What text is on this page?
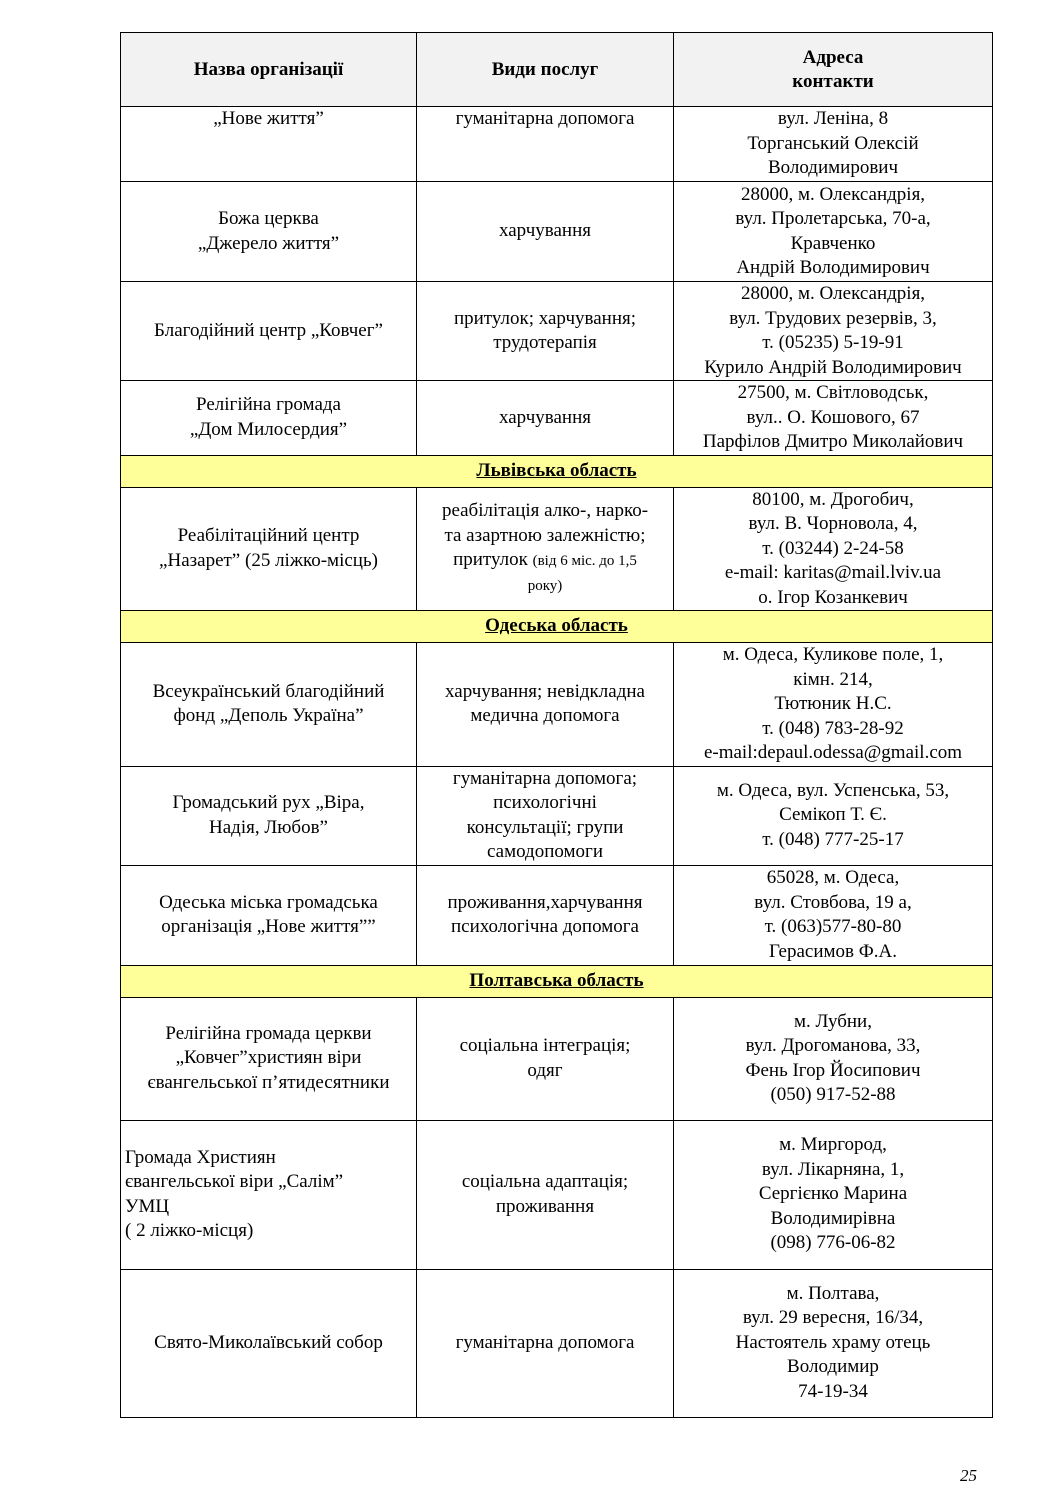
Назва організації	Види послуг	Адреса
контакти

„Нове життя”	гуманітарна допомога	вул. Леніна, 8
Торганський Олексій
Володимирович

Божа церква
„Джерело життя”	харчування	28000, м. Олександрія,
вул. Пролетарська, 70-а,
Кравченко
Андрій Володимирович

Благодійний центр „Ковчег”	притулок; харчування;
трудотерапія	28000, м. Олександрія,
вул. Трудових резервів, 3,
т. (05235) 5-19-91
Курило Андрій Володимирович

Релігійна громада
„Дом Милосердия”	харчування	27500, м. Світловодськ,
вул.. О. Кошового, 67
Парфілов Дмитро Миколайович

Львівська область		

Реабілітаційний центр
„Назарет” (25 ліжко-місць)	реабілітація алко-, нарко-
та азартною залежністю;
притулок (від 6 міс. до 1,5
року)	80100, м. Дрогобич,
вул. В. Чорновола, 4,
т. (03244) 2-24-58
e-mail: karitas@mail.lviv.ua
о. Ігор Козанкевич

Одеська область		

Всеукраїнський благодійний
фонд „Деполь Україна”	харчування; невідкладна
медична допомога	м. Одеса, Куликове поле, 1,
кімн. 214,
Тютюник Н.С.
т. (048) 783-28-92
e-mail:depaul.odessa@gmail.com

Громадський рух „Віра,
Надія, Любов”	гуманітарна допомога;
психологічні
консультації; групи
самодопомоги	м. Одеса, вул. Успенська, 53,
Семікоп Т. Є.
т. (048) 777-25-17

Одеська міська громадська
організація „Нове життя””	проживання,харчування
психологічна допомога	65028, м. Одеса,
вул. Стовбова, 19 а,
т. (063)577-80-80
Герасимов Ф.А.

Полтавська область		

Релігійна громада церкви
„Ковчег”християн віри
євангельської п’ятидесятники	соціальна інтеграція;
одяг	м. Лубни,
вул. Дрогоманова, 33,
Фень Ігор Йосипович
(050) 917-52-88

Громада Християн
євангельської віри „Салім”
УМЦ
( 2 ліжко-місця)	соціальна адаптація;
проживання	м. Миргород,
вул. Лікарняна, 1,
Сергієнко Марина
Володимирівна
(098) 776-06-82

Свято-Миколаївський собор	гуманітарна допомога	м. Полтава,
вул. 29 вересня, 16/34,
Настоятель храму отець
Володимир
74-19-34
25
